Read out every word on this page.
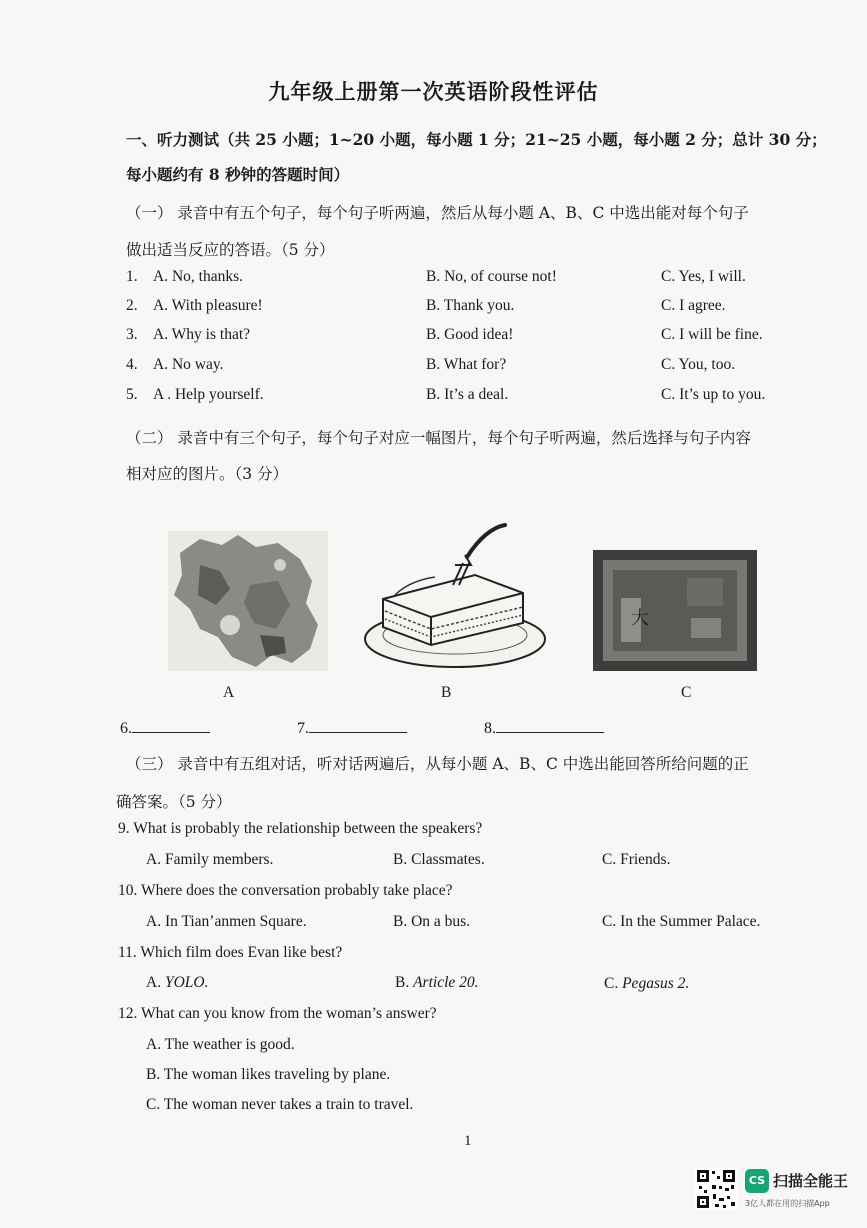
九年级上册第一次英语阶段性评估
一、听力测试（共 25 小题；1~20 小题，每小题 1 分；21~25 小题，每小题 2 分；总计 30 分；
每小题约有 8 秒钟的答题时间）
（一） 录音中有五个句子，每个句子听两遍，然后从每小题 A、B、C 中选出能对每个句子
做出适当反应的答语。（5 分）
1. A. No, thanks.	B. No, of course not!	C. Yes, I will.
2. A. With pleasure!	B. Thank you.	C. I agree.
3. A. Why is that?	B. Good idea!	C. I will be fine.
4. A. No way.	B. What for?	C. You, too.
5. A . Help yourself.	B. It’s a deal.	C. It’s up to you.
（二） 录音中有三个句子，每个句子对应一幅图片，每个句子听两遍，然后选择与句子内容
相对应的图片。（3 分）
大
A	B	C
6.	7.	8.
（三） 录音中有五组对话，听对话两遍后，从每小题 A、B、C 中选出能回答所给问题的正
确答案。（5 分）
9. What is probably the relationship between the speakers?
A. Family members.	B. Classmates.	C. Friends.
10. Where does the conversation probably take place?
A. In Tian’anmen Square.	B. On a bus.	C. In the Summer Palace.
11. Which film does Evan like best?
A. YOLO.	B. Article 20.	C. Pegasus 2.
12. What can you know from the woman’s answer?
A. The weather is good.
B. The woman likes traveling by plane.
C. The woman never takes a train to travel.
1
CS 扫描全能王
3亿人都在用的扫描App
